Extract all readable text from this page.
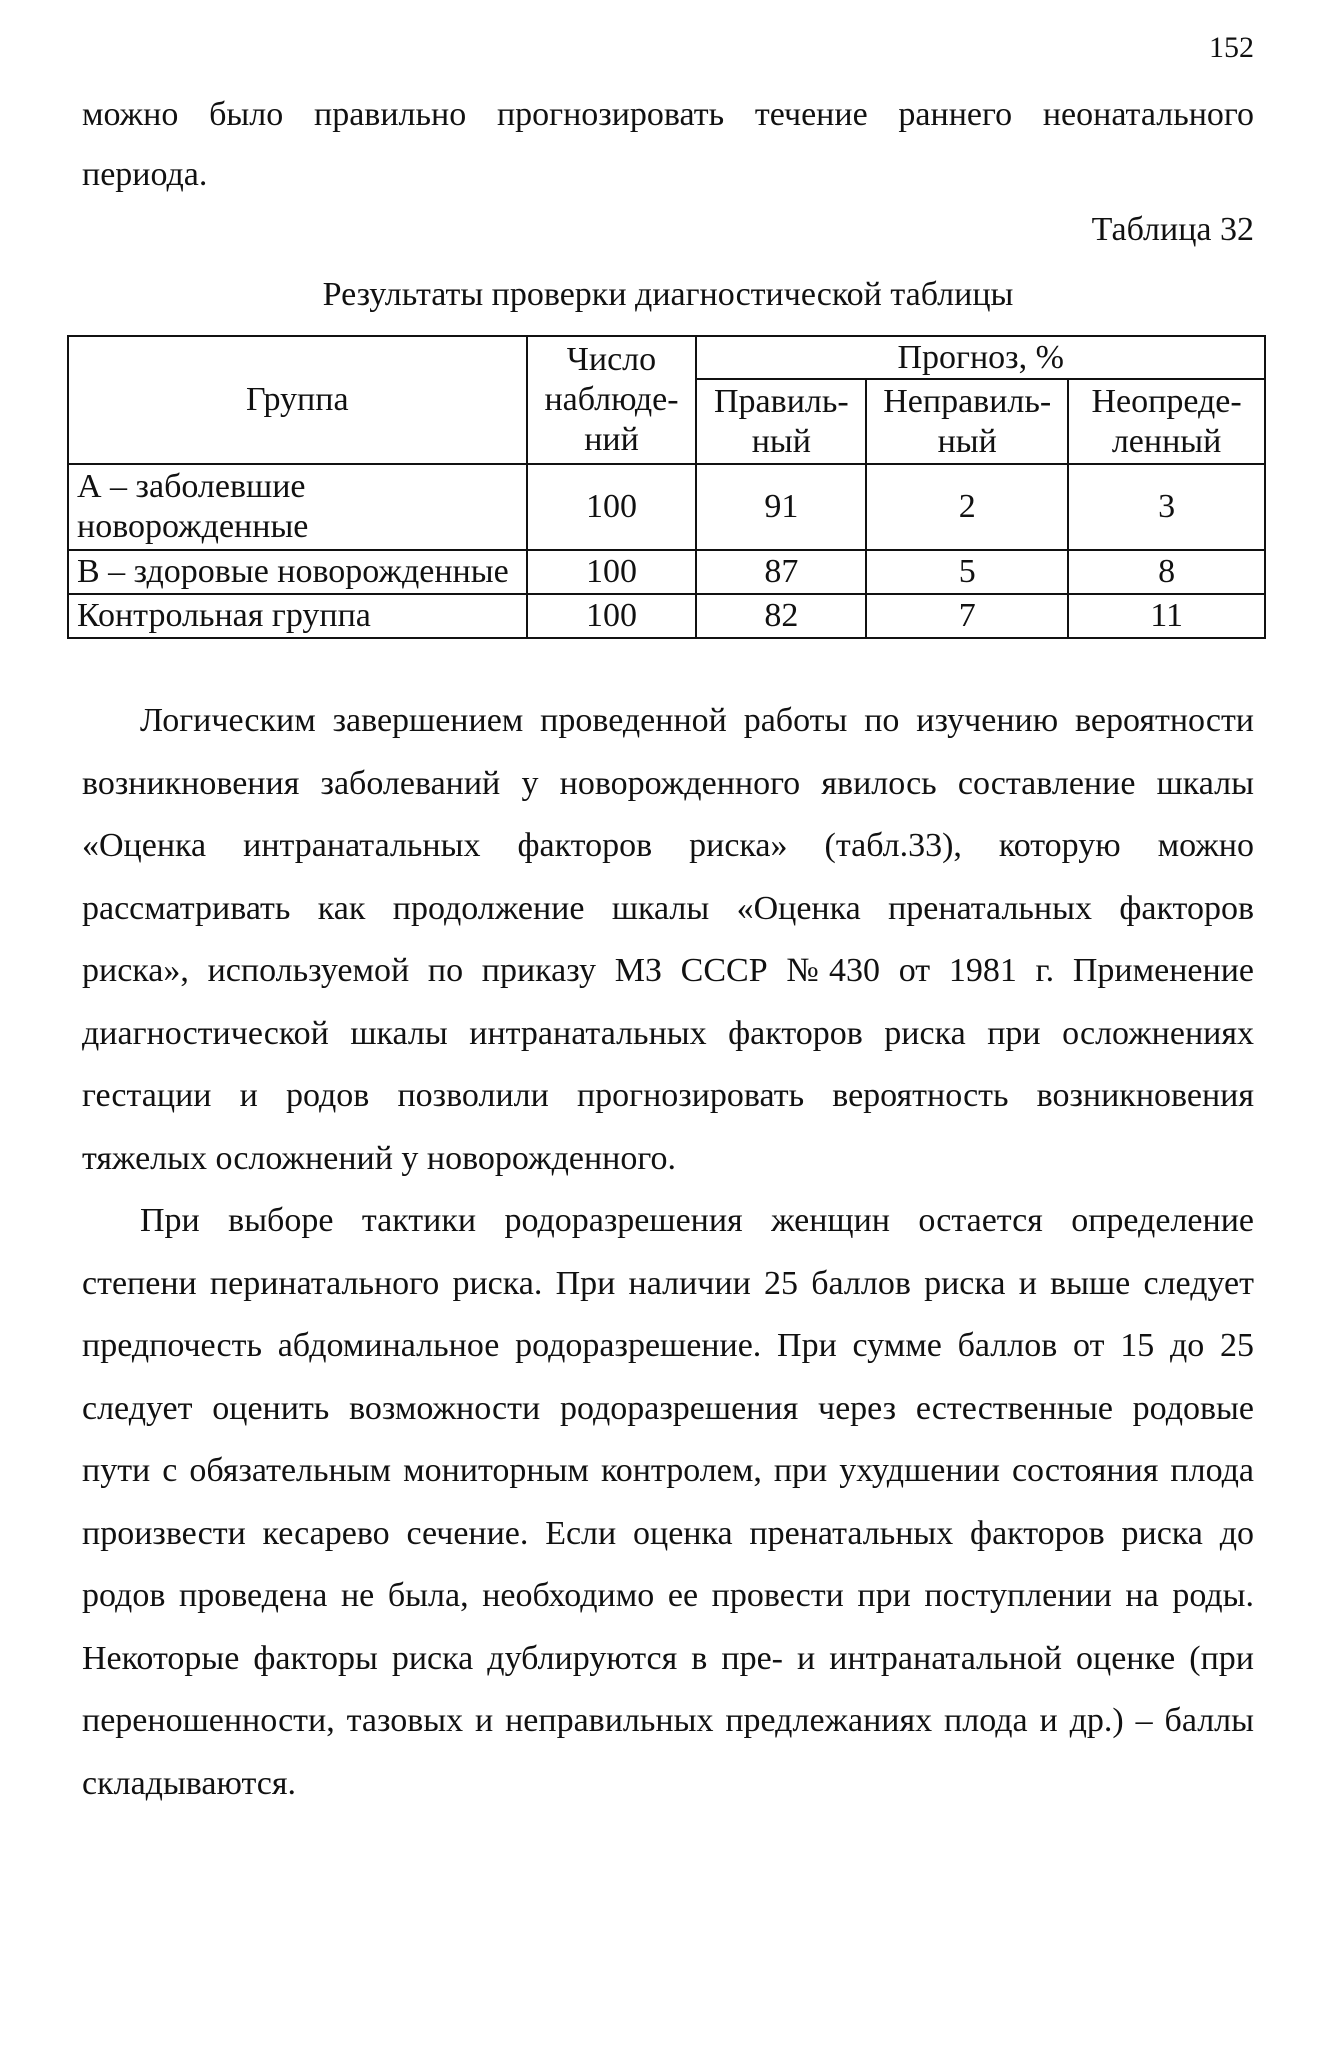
152

можно было правильно прогнозировать течение раннего неонатального периода.

Таблица 32
Результаты проверки диагностической таблицы
Группа	Число наблюде-ний	Прогноз, %		
		Правиль-ный	Неправиль-ный	Неопреде-ленный
А – заболевшие новорожденные	100	91	2	3
В – здоровые новорожденные	100	87	5	8
Контрольная группа	100	82	7	11

Логическим завершением проведенной работы по изучению вероятности возникновения заболеваний у новорожденного явилось составление шкалы «Оценка интранатальных факторов риска» (табл.33), которую можно рассматривать как продолжение шкалы «Оценка пренатальных факторов риска», используемой по приказу МЗ СССР №430 от 1981 г. Применение диагностической шкалы интранатальных факторов риска при осложнениях гестации и родов позволили прогнозировать вероятность возникновения тяжелых осложнений у новорожденного.

При выборе тактики родоразрешения женщин остается определение степени перинатального риска. При наличии 25 баллов риска и выше следует предпочесть абдоминальное родоразрешение. При сумме баллов от 15 до 25 следует оценить возможности родоразрешения через естественные родовые пути с обязательным мониторным контролем, при ухудшении состояния плода произвести кесарево сечение. Если оценка пренатальных факторов риска до родов проведена не была, необходимо ее провести при поступлении на роды. Некоторые факторы риска дублируются в пре- и интранатальной оценке (при переношенности, тазовых и неправильных предлежаниях плода и др.) – баллы складываются.
